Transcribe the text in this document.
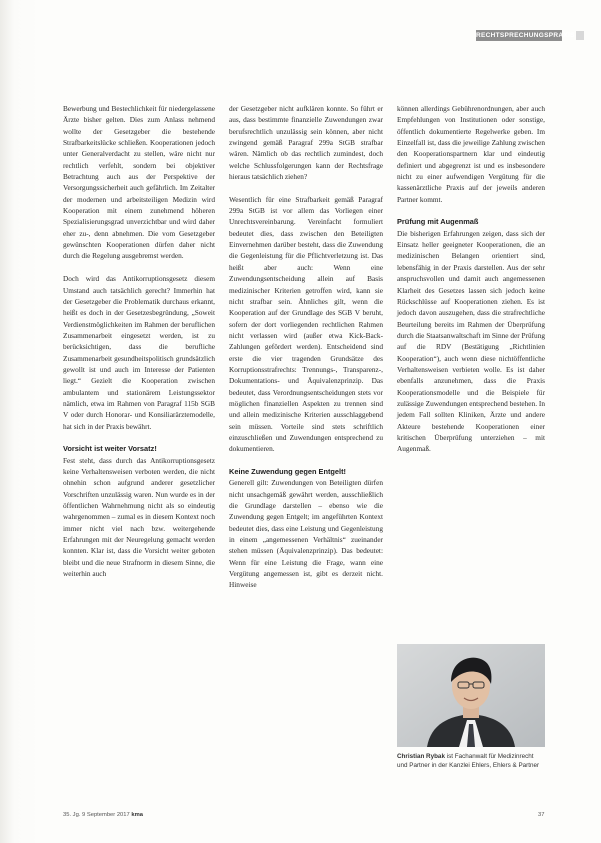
RECHTSPRECHUNGSPRAXIS

Bewerbung und Bestechlichkeit für niedergelassene Ärzte bisher gelten. Dies zum Anlass nehmend wollte der Gesetzgeber die bestehende Strafbarkeitslücke schließen. Kooperationen jedoch unter Generalverdacht zu stellen, wäre nicht nur rechtlich verfehlt, sondern bei objektiver Betrachtung auch aus der Perspektive der Versorgungssicherheit auch gefährlich. Im Zeitalter der modernen und arbeitsteiligen Medizin wird Kooperation mit einem zunehmend höheren Spezialisierungsgrad unverzichtbar und wird daher eher zu-, denn abnehmen. Die vom Gesetzgeber gewünschten Kooperationen dürfen daher nicht durch die Regelung ausgebremst werden.

Doch wird das Antikorruptionsgesetz diesem Umstand auch tatsächlich gerecht? Immerhin hat der Gesetzgeber die Problematik durchaus erkannt, heißt es doch in der Gesetzesbegründung, „Soweit Verdienstmöglichkeiten im Rahmen der beruflichen Zusammenarbeit eingesetzt werden, ist zu berücksichtigen, dass die berufliche Zusammenarbeit gesundheitspolitisch grundsätzlich gewollt ist und auch im Interesse der Patienten liegt.“ Gezielt die Kooperation zwischen ambulantem und stationärem Leistungssektor nämlich, etwa im Rahmen von Paragraf 115b SGB V oder durch Honorar- und Konsiliarärztemodelle, hat sich in der Praxis bewährt.

Vorsicht ist weiter Vorsatz!

Fest steht, dass durch das Antikorruptionsgesetz keine Verhaltensweisen verboten werden, die nicht ohnehin schon aufgrund anderer gesetzlicher Vorschriften unzulässig waren. Nun wurde es in der öffentlichen Wahrnehmung nicht als so eindeutig wahrgenommen – zumal es in diesem Kontext noch immer nicht viel nach bzw. weitergehende Erfahrungen mit der Neuregelung gemacht werden konnten. Klar ist, dass die Vorsicht weiter geboten bleibt und die neue Strafnorm in diesem Sinne, die weiterhin auch

der Gesetzgeber nicht aufklären konnte. So führt er aus, dass bestimmte finanzielle Zuwendungen zwar berufsrechtlich unzulässig sein können, aber nicht zwingend gemäß Paragraf 299a StGB strafbar wären. Nämlich ob das rechtlich zumindest, doch welche Schlussfolgerungen kann der Rechtsfrage hieraus tatsächlich ziehen?

Wesentlich für eine Strafbarkeit gemäß Paragraf 299a StGB ist vor allem das Vorliegen einer Unrechtsvereinbarung. Vereinfacht formuliert bedeutet dies, dass zwischen den Beteiligten Einvernehmen darüber besteht, dass die Zuwendung die Gegenleistung für die Pflichtverletzung ist. Das heißt aber auch: Wenn eine Zuwendungsentscheidung allein auf Basis medizinischer Kriterien getroffen wird, kann sie nicht strafbar sein. Ähnliches gilt, wenn die Kooperation auf der Grundlage des SGB V beruht, sofern der dort vorliegenden rechtlichen Rahmen nicht verlassen wird (außer etwa Kick-Back-Zahlungen gefördert werden). Entscheidend sind erste die vier tragenden Grundsätze des Korruptionsstrafrechts: Trennungs-, Transparenz-, Dokumentations- und Äquivalenzprinzip. Das bedeutet, dass Verordnungsentscheidungen stets vor möglichen finanziellen Aspekten zu trennen sind und allein medizinische Kriterien ausschlaggebend sein müssen. Vorteile sind stets schriftlich einzuschließen und Zuwendungen entsprechend zu dokumentieren.

Keine Zuwendung gegen Entgelt!

Generell gilt: Zuwendungen von Beteiligten dürfen nicht unsachgemäß gewährt werden, ausschließlich die Grundlage darstellen – ebenso wie die Zuwendung gegen Entgelt; im angeführten Kontext bedeutet dies, dass eine Leistung und Gegenleistung in einem „angemessenen Verhältnis“ zueinander stehen müssen (Äquivalenzprinzip). Das bedeutet: Wenn für eine Leistung die Frage, wann eine Vergütung angemessen ist, gibt es derzeit nicht. Hinweise

können allerdings Gebührenordnungen, aber auch Empfehlungen von Institutionen oder sonstige, öffentlich dokumentierte Regelwerke geben. Im Einzelfall ist, dass die jeweilige Zahlung zwischen den Kooperationspartnern klar und eindeutig definiert und abgegrenzt ist und es insbesondere nicht zu einer aufwendigen Vergütung für die kassenärztliche Praxis auf der jeweils anderen Partner kommt.

Prüfung mit Augenmaß

Die bisherigen Erfahrungen zeigen, dass sich der Einsatz heller geeigneter Kooperationen, die an medizinischen Belangen orientiert sind, lebensfähig in der Praxis darstellen. Aus der sehr anspruchsvollen und damit auch angemessenen Klarheit des Gesetzes lassen sich jedoch keine Rückschlüsse auf Kooperationen ziehen. Es ist jedoch davon auszugehen, dass die strafrechtliche Beurteilung bereits im Rahmen der Überprüfung durch die Staatsanwaltschaft im Sinne der Prüfung auf die RDV (Bestätigung „Richtlinien Kooperation“), auch wenn diese nichtöffentliche Verhaltensweisen verbieten wolle. Es ist daher ebenfalls anzunehmen, dass die Praxis Kooperationsmodelle und die Beispiele für zulässige Zuwendungen entsprechend bestehen. In jedem Fall sollten Kliniken, Ärzte und andere Akteure bestehende Kooperationen einer kritischen Überprüfung unterziehen – mit Augenmaß.

Christian Rybak ist Fachanwalt für Medizinrecht und Partner in der Kanzlei Ehlers, Ehlers & Partner
35. Jg. 9 September 2017 kma	37
